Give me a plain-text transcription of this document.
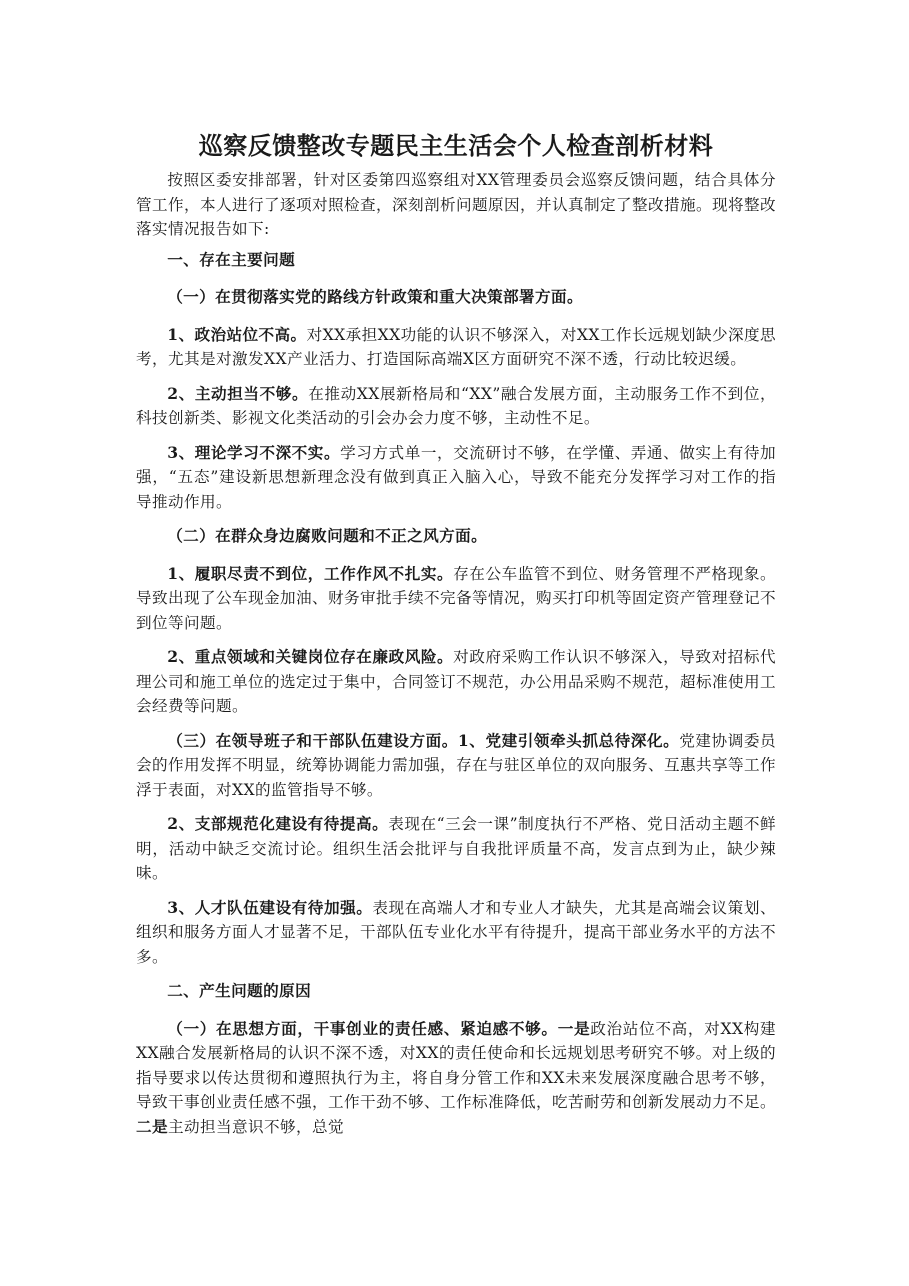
巡察反馈整改专题民主生活会个人检查剖析材料

按照区委安排部署，针对区委第四巡察组对XX管理委员会巡察反馈问题，结合具体分管工作，本人进行了逐项对照检查，深刻剖析问题原因，并认真制定了整改措施。现将整改落实情况报告如下:

一、存在主要问题

（一）在贯彻落实党的路线方针政策和重大决策部署方面。

1、政治站位不高。对XX承担XX功能的认识不够深入，对XX工作长远规划缺少深度思考，尤其是对激发XX产业活力、打造国际高端X区方面研究不深不透，行动比较迟缓。

2、主动担当不够。在推动XX展新格局和“XX”融合发展方面，主动服务工作不到位，科技创新类、影视文化类活动的引会办会力度不够，主动性不足。

3、理论学习不深不实。学习方式单一，交流研讨不够，在学懂、弄通、做实上有待加强，“五态”建设新思想新理念没有做到真正入脑入心，导致不能充分发挥学习对工作的指导推动作用。

（二）在群众身边腐败问题和不正之风方面。

1、履职尽责不到位，工作作风不扎实。存在公车监管不到位、财务管理不严格现象。导致出现了公车现金加油、财务审批手续不完备等情况，购买打印机等固定资产管理登记不到位等问题。

2、重点领域和关键岗位存在廉政风险。对政府采购工作认识不够深入，导致对招标代理公司和施工单位的选定过于集中，合同签订不规范，办公用品采购不规范，超标准使用工会经费等问题。

（三）在领导班子和干部队伍建设方面。1、党建引领牵头抓总待深化。党建协调委员会的作用发挥不明显，统筹协调能力需加强，存在与驻区单位的双向服务、互惠共享等工作浮于表面，对XX的监管指导不够。

2、支部规范化建设有待提高。表现在“三会一课”制度执行不严格、党日活动主题不鲜明，活动中缺乏交流讨论。组织生活会批评与自我批评质量不高，发言点到为止，缺少辣味。

3、人才队伍建设有待加强。表现在高端人才和专业人才缺失，尤其是高端会议策划、组织和服务方面人才显著不足，干部队伍专业化水平有待提升，提高干部业务水平的方法不多。

二、产生问题的原因

（一）在思想方面，干事创业的责任感、紧迫感不够。一是政治站位不高，对XX构建XX融合发展新格局的认识不深不透，对XX的责任使命和长远规划思考研究不够。对上级的指导要求以传达贯彻和遵照执行为主，将自身分管工作和XX未来发展深度融合思考不够，导致干事创业责任感不强，工作干劲不够、工作标准降低，吃苦耐劳和创新发展动力不足。二是主动担当意识不够，总觉
